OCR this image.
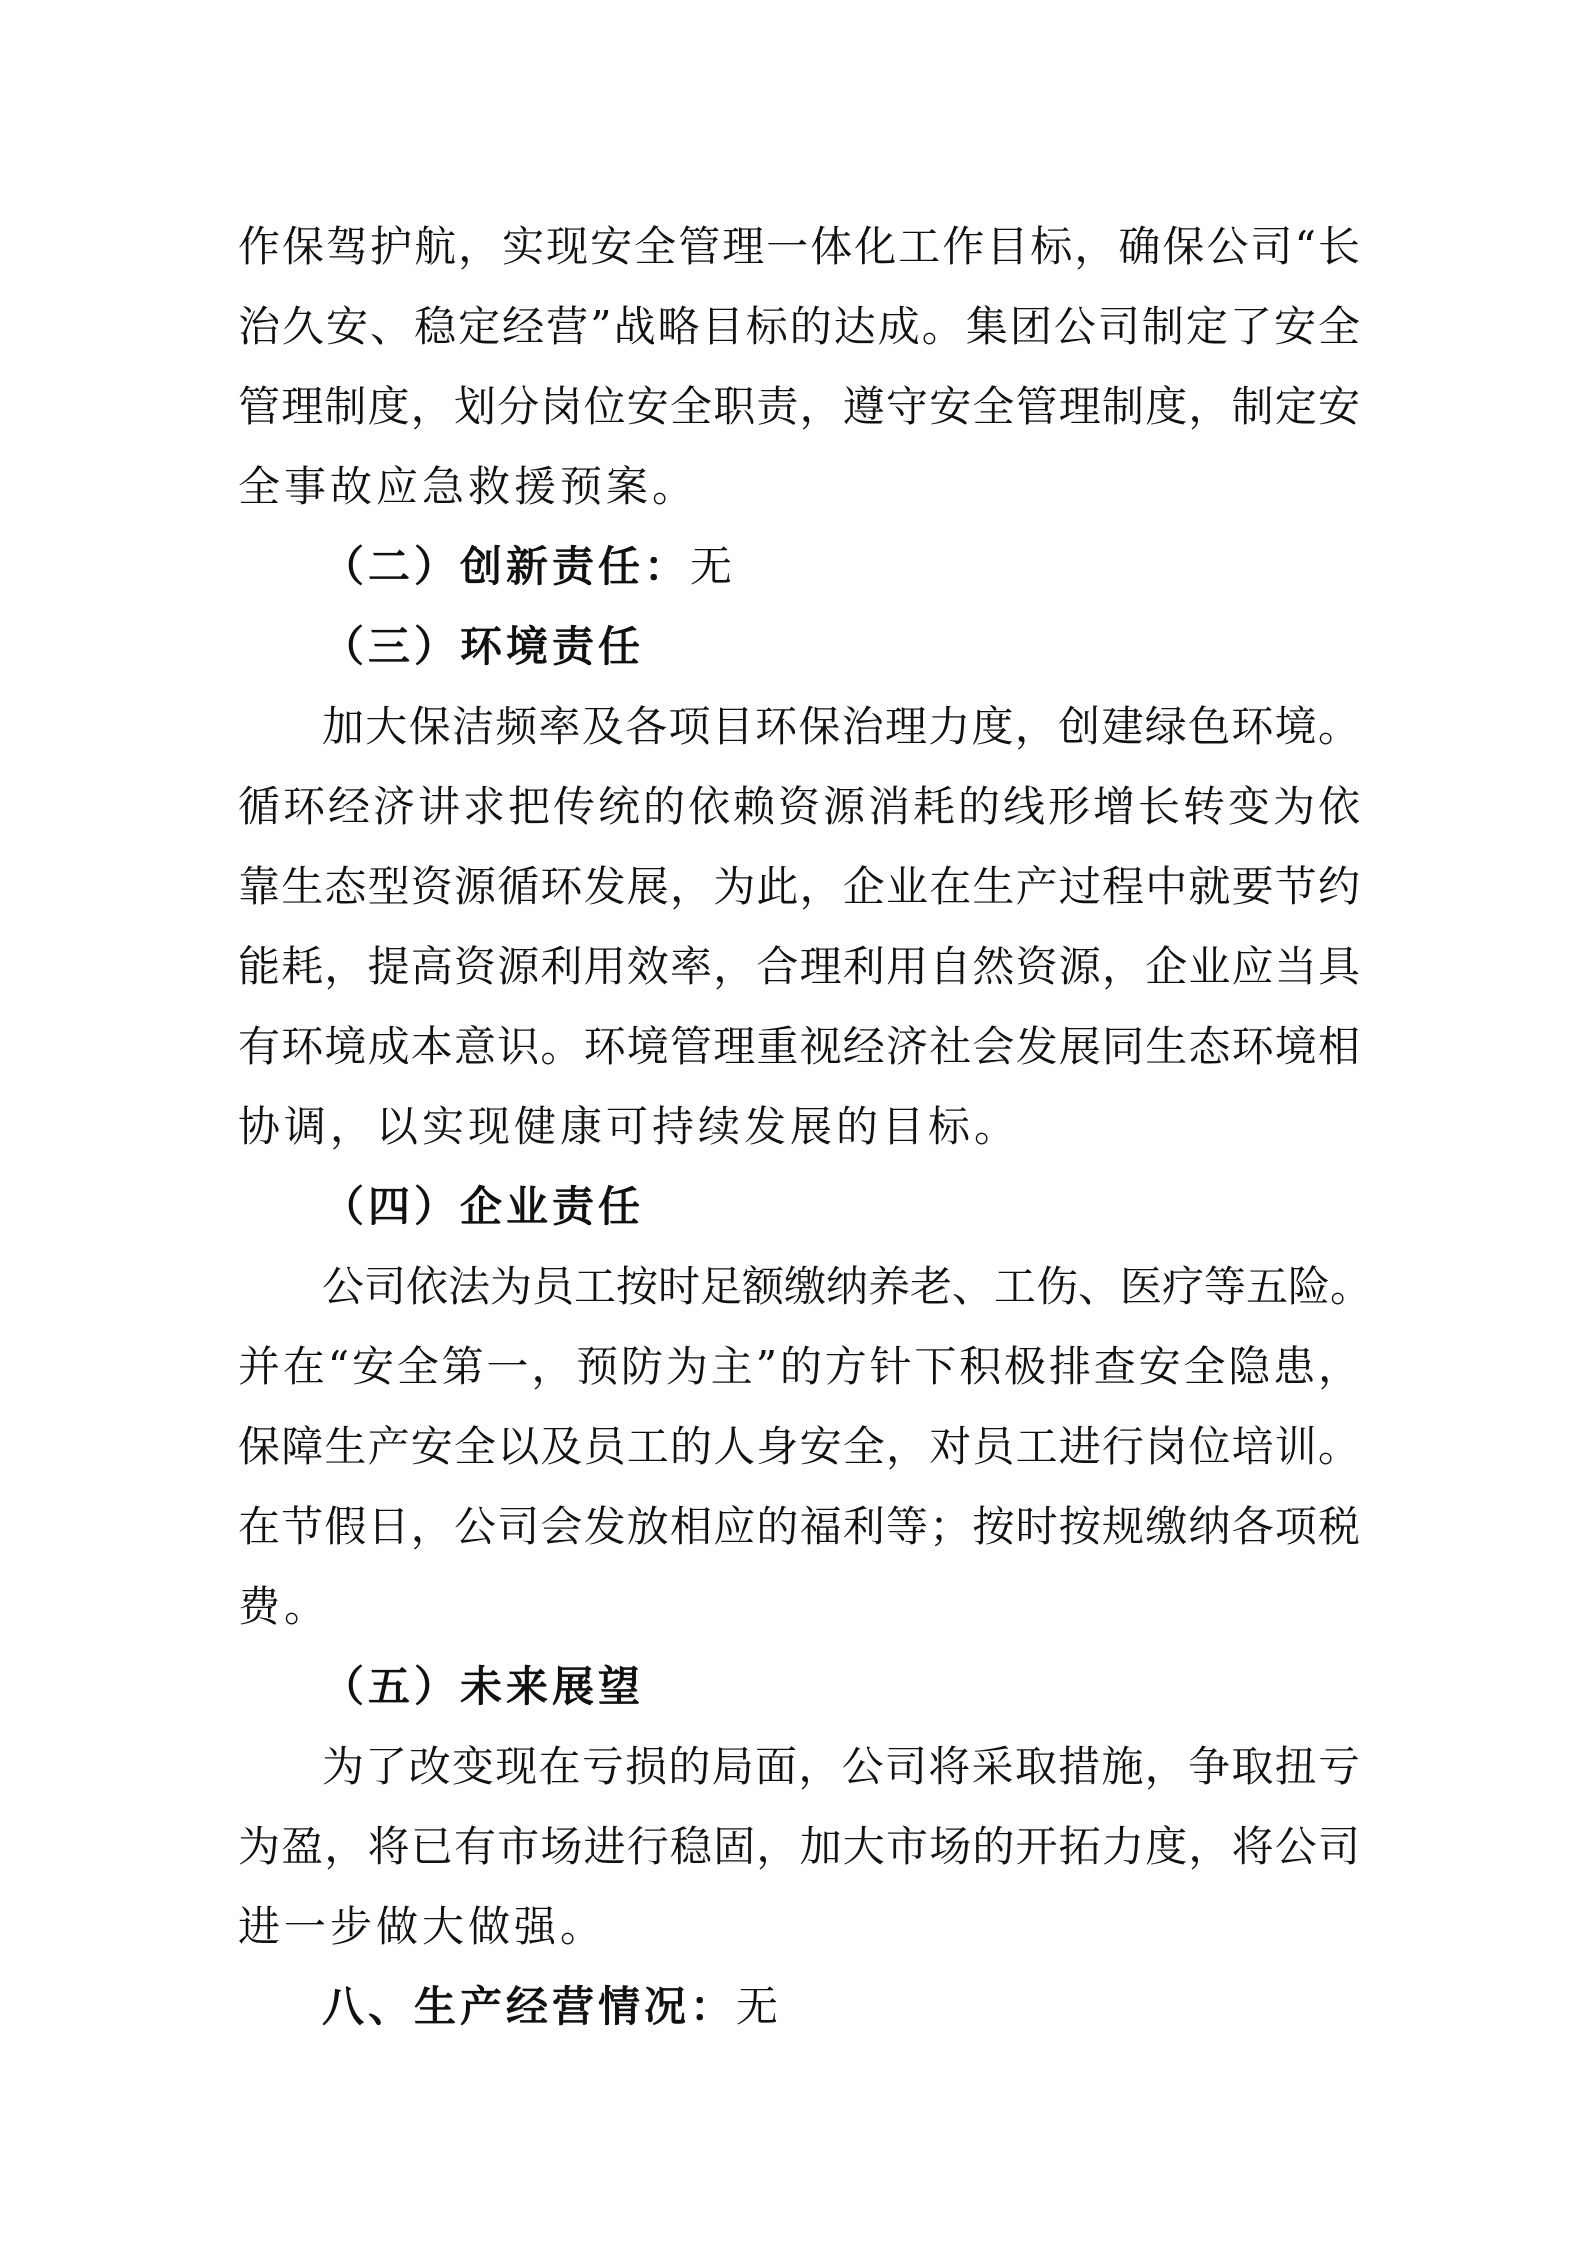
作保驾护航，实现安全管理一体化工作目标，确保公司“长
治久安、稳定经营”战略目标的达成。集团公司制定了安全
管理制度，划分岗位安全职责，遵守安全管理制度，制定安
全事故应急救援预案。
（二）创新责任：无
（三）环境责任
加大保洁频率及各项目环保治理力度，创建绿色环境。
循环经济讲求把传统的依赖资源消耗的线形增长转变为依
靠生态型资源循环发展，为此，企业在生产过程中就要节约
能耗，提高资源利用效率，合理利用自然资源，企业应当具
有环境成本意识。环境管理重视经济社会发展同生态环境相
协调，以实现健康可持续发展的目标。
（四）企业责任
公司依法为员工按时足额缴纳养老、工伤、医疗等五险。
并在“安全第一，预防为主”的方针下积极排查安全隐患，
保障生产安全以及员工的人身安全，对员工进行岗位培训。
在节假日，公司会发放相应的福利等；按时按规缴纳各项税
费。
（五）未来展望
为了改变现在亏损的局面，公司将采取措施，争取扭亏
为盈，将已有市场进行稳固，加大市场的开拓力度，将公司
进一步做大做强。
八、生产经营情况：无
